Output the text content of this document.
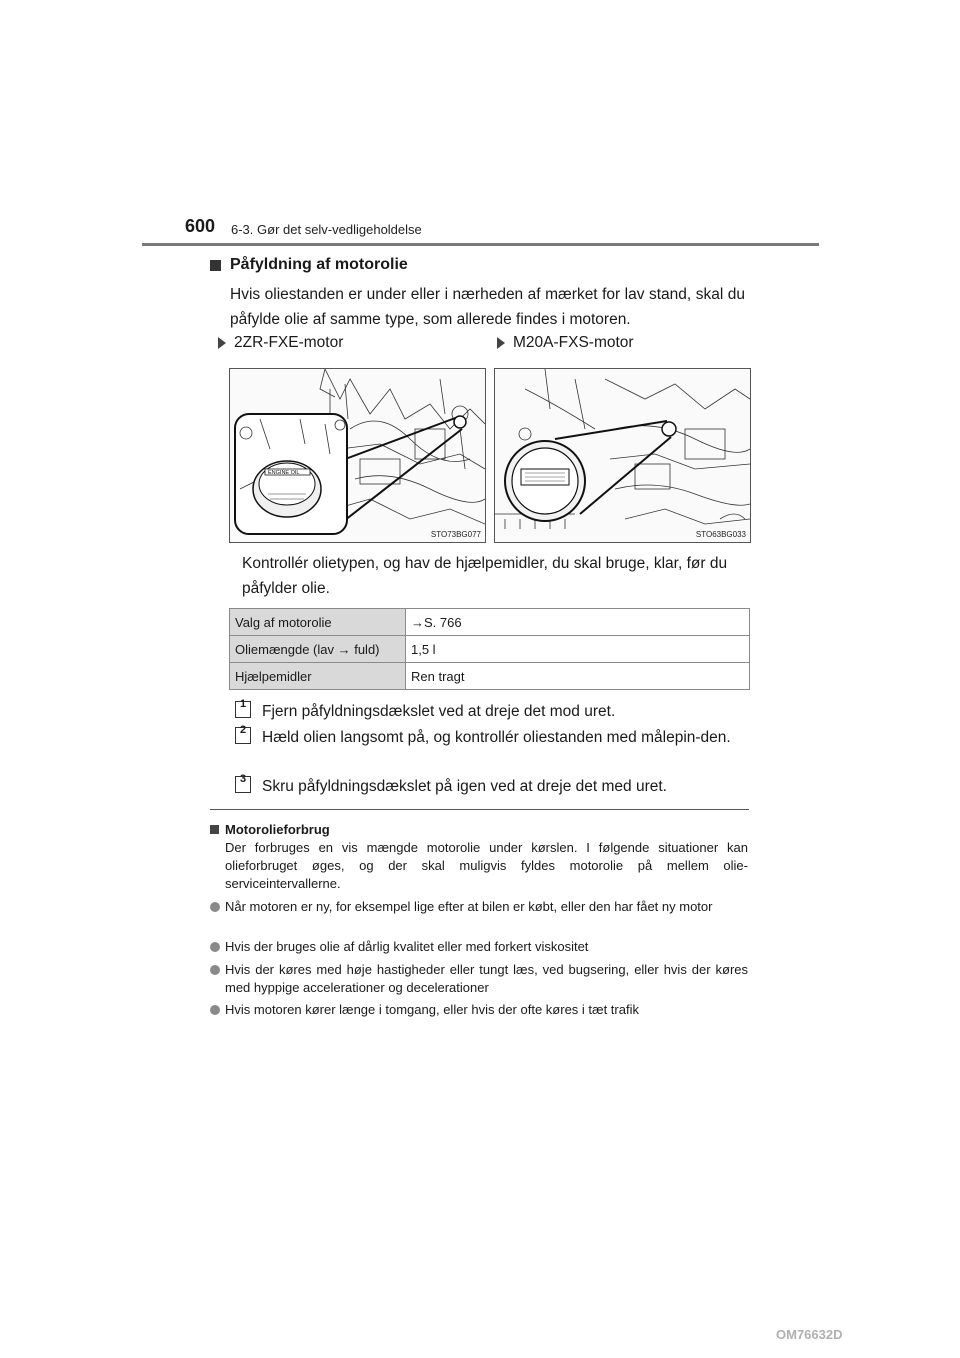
600 6-3. Gør det selv-vedligeholdelse
Påfyldning af motorolie
Hvis oliestanden er under eller i nærheden af mærket for lav stand, skal du påfylde olie af samme type, som allerede findes i motoren.
2ZR-FXE-motor	M20A-FXS-motor
ENGINE OIL
STO73BG077	STO63BG033
Kontrollér olietypen, og hav de hjælpemidler, du skal bruge, klar, før du påfylder olie.
Valg af motorolie	→S. 766
Oliemængde (lav → fuld)	1,5 l
Hjælpemidler	Ren tragt
1	Fjern påfyldningsdækslet ved at dreje det mod uret.
2	Hæld olien langsomt på, og kontrollér oliestanden med målepin-den.
3	Skru påfyldningsdækslet på igen ved at dreje det med uret.
Motorolieforbrug
Der forbruges en vis mængde motorolie under kørslen. I følgende situationer kan olieforbruget øges, og der skal muligvis fyldes motorolie på mellem olie-serviceintervallerne.
Når motoren er ny, for eksempel lige efter at bilen er købt, eller den har fået ny motor
Hvis der bruges olie af dårlig kvalitet eller med forkert viskositet
Hvis der køres med høje hastigheder eller tungt læs, ved bugsering, eller hvis der køres med hyppige accelerationer og decelerationer
Hvis motoren kører længe i tomgang, eller hvis der ofte køres i tæt trafik
OM76632D
